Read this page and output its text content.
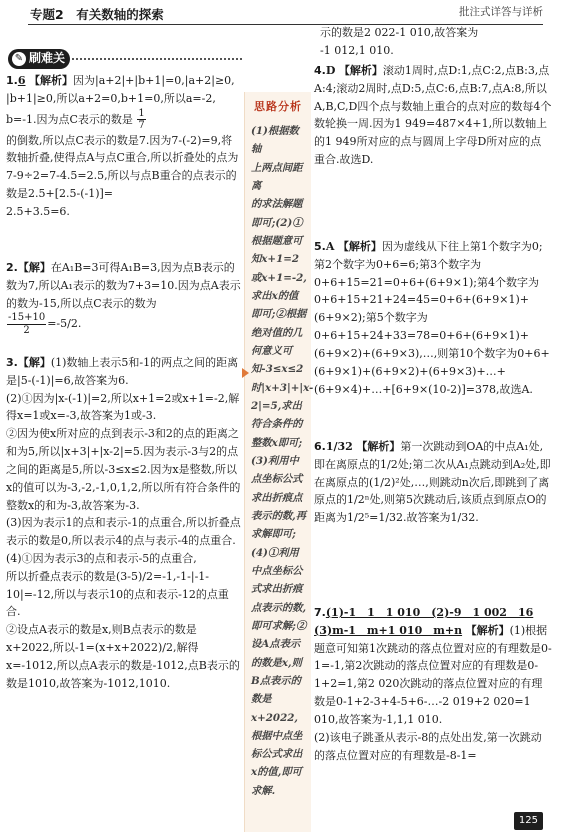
专题2　有关数轴的探索	批注式详答与详析
✎ 刷难关

1.6 【解析】因为|a+2|+|b+1|=0,|a+2|≥0,

|b+1|≥0,所以a+2=0,b+1=0,所以a=-2,

b=-1.因为点C表示的数是 $\frac{1}{7}$

的倒数,所以点C表示的数是7.因为7-(-2)=9,将数轴折叠,使得点A与点C重合,所以折叠处的点为7-9÷2=7-4.5=2.5,所以与点B重合的点表示的数是2.5+[2.5-(-1)]=

2.5+3.5=6.

2.【解】在A₁B=3可得A₁B=3,因为点B表示的数为7,所以A₁表示的数为7+3=10.因为点A表示的数为-15,所以点C表示的数为

$\frac{-15+10}{2} =-5/2$.

3.【解】(1)数轴上表示5和-1的两点之间的距离是|5-(-1)|=6,故答案为6.

(2)①因为|x-(-1)|=2,所以x+1=2或x+1=-2,解得x=1或x=-3,故答案为1或-3.

②因为使x所对应的点到表示-3和2的点的距离之和为5,所以|x+3|+|x-2|=5.因为表示-3与2的点之间的距离是5,所以-3≤x≤2.因为x是整数,所以x的值可以为-3,-2,-1,0,1,2,所以所有符合条件的整数x的和为-3,故答案为-3.

(3)因为表示1的点和表示-1的点重合,所以折叠点表示的数是0,所以表示4的点与表示-4的点重合.

(4)①因为表示3的点和表示-5的点重合,

所以折叠点表示的数是(3-5)/2=-1,-1-|-1-10|=-12,所以与表示10的点和表示-12的点重合.

②设点A表示的数是x,则B点表示的数是x+2022,所以-1=(x+x+2022)/2,解得x=-1012,所以点A表示的数是-1012,点B表示的数是1010,故答案为-1012,1010.

思路分析

(1)根据数轴

上两点间距离

的求法解题

即可;(2)①根据题意可知x+1=2或x+1=-2,求出x的值即可;②根据绝对值的几何意义可知-3≤x≤2时|x+3|+|x-2|=5,求出符合条件的整数x即可;(3)利用中点坐标公式求出折痕点表示的数,再求解即可;(4)①利用中点坐标公式求出折痕点表示的数,即可求解;②设A点表示的数是x,则B点表示的数是x+2022,根据中点坐标公式求出x的值,即可求解.

示的数是2 022-1 010,故答案为

-1 012,1 010.

4.D 【解析】滚动1周时,点D:1,点C:2,点B:3,点A:4;滚动2周时,点D:5,点C:6,点B:7,点A:8,所以A,B,C,D四个点与数轴上重合的点对应的数每4个数轮换一周.因为1 949=487×4+1,所以数轴上的1 949所对应的点与圆周上字母D所对应的点重合.故选D.

5.A 【解析】因为虚线从下往上第1个数字为0;第2个数字为0+6=6;第3个数字为0+6+15=21=0+6+(6+9×1);第4个数字为0+6+15+21+24=45=0+6+(6+9×1)+(6+9×2);第5个数字为0+6+15+24+33=78=0+6+(6+9×1)+(6+9×2)+(6+9×3),…,则第10个数字为0+6+(6+9×1)+(6+9×2)+(6+9×3)+…+(6+9×4)+…+[6+9×(10-2)]=378,故选A.

6.1/32 【解析】第一次跳动到OA的中点A₁处,即在离原点的1/2处;第二次从A₁点跳动到A₂处,即在离原点的(1/2)²处,…,则跳动n次后,即跳到了离原点的1/2ⁿ处,则第5次跳动后,该质点到原点O的距离为1/2⁵=1/32.故答案为1/32.

7.(1)-1　1　1 010　(2)-9　1 002　16

(3)m-1　m+1 010　m+n 【解析】(1)根据题意可知第1次跳动的落点位置对应的有理数是0-1=-1,第2次跳动的落点位置对应的有理数是0-1+2=1,第2 020次跳动的落点位置对应的有理数是0-1+2-3+4-5+6-…-2 019+2 020=1 010,故答案为-1,1,1 010.

(2)该电子跳蚤从表示-8的点处出发,第一次跳动的落点位置对应的有理数是-8-1=

125
